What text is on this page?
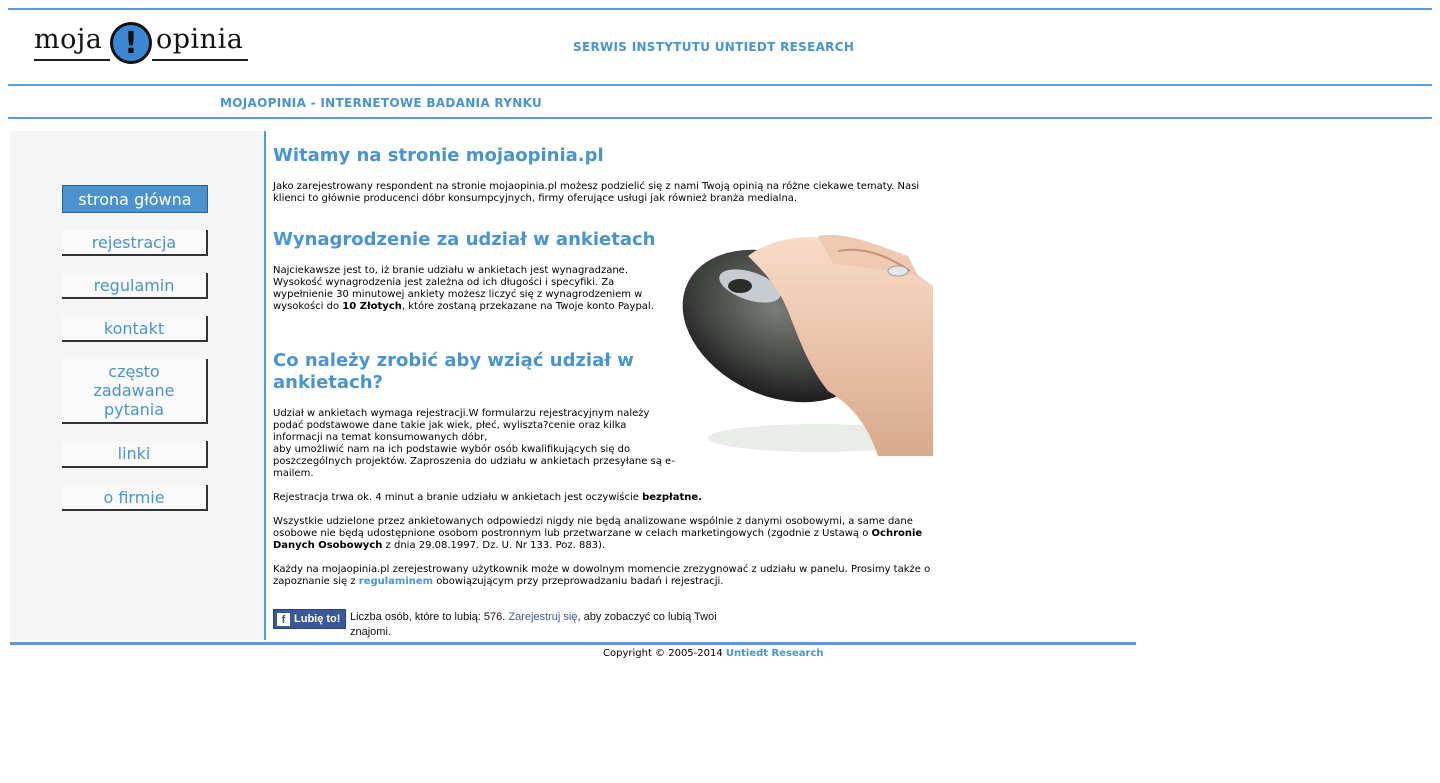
moja ! opinia	SERWIS INSTYTUTU UNTIEDT RESEARCH
MOJAOPINIA - INTERNETOWE BADANIA RYNKU
strona główna
rejestracja
regulamin
kontakt
często zadawane pytania
linki
o firmie
Witamy na stronie mojaopinia.pl
Jako zarejestrowany respondent na stronie mojaopinia.pl możesz podzielić się z nami Twoją opinią na różne ciekawe tematy. Nasi klienci to głównie producenci dóbr konsumpcyjnych, firmy oferujące usługi jak również branża medialna.
Wynagrodzenie za udział w ankietach
Najciekawsze jest to, iż branie udziału w ankietach jest wynagradzane. Wysokość wynagrodzenia jest zależna od ich długości i specyfiki. Za wypełnienie 30 minutowej ankiety możesz liczyć się z wynagrodzeniem w wysokości do 10 Złotych, które zostaną przekazane na Twoje konto Paypal.
Co należy zrobić aby wziąć udział w ankietach?
Udział w ankietach wymaga rejestracji.W formularzu rejestracyjnym należy podać podstawowe dane takie jak wiek, płeć, wyliszta?cenie oraz kilka informacji na temat konsumowanych dóbr,
aby umożliwić nam na ich podstawie wybór osób kwalifikujących się do poszczególnych projektów. Zaproszenia do udziału w ankietach przesyłane są e-mailem.
Rejestracja trwa ok. 4 minut a branie udziału w ankietach jest oczywiście bezpłatne.
Wszystkie udzielone przez ankietowanych odpowiedzi nigdy nie będą analizowane wspólnie z danymi osobowymi, a same dane osobowe nie będą udostępnione osobom postronnym lub przetwarzane w celach marketingowych (zgodnie z Ustawą o Ochronie Danych Osobowych z dnia 29.08.1997. Dz. U. Nr 133. Poz. 883).
Każdy na mojaopinia.pl zerejestrowany użytkownik może w dowolnym momencie zrezygnować z udziału w panelu. Prosimy także o zapoznanie się z regulaminem obowiązującym przy przeprowadzaniu badań i rejestracji.
f Lubię to! Liczba osób, które to lubią: 576. Zarejestruj się, aby zobaczyć co lubią Twoi znajomi.
Copyright © 2005-2014 Untiedt Research
